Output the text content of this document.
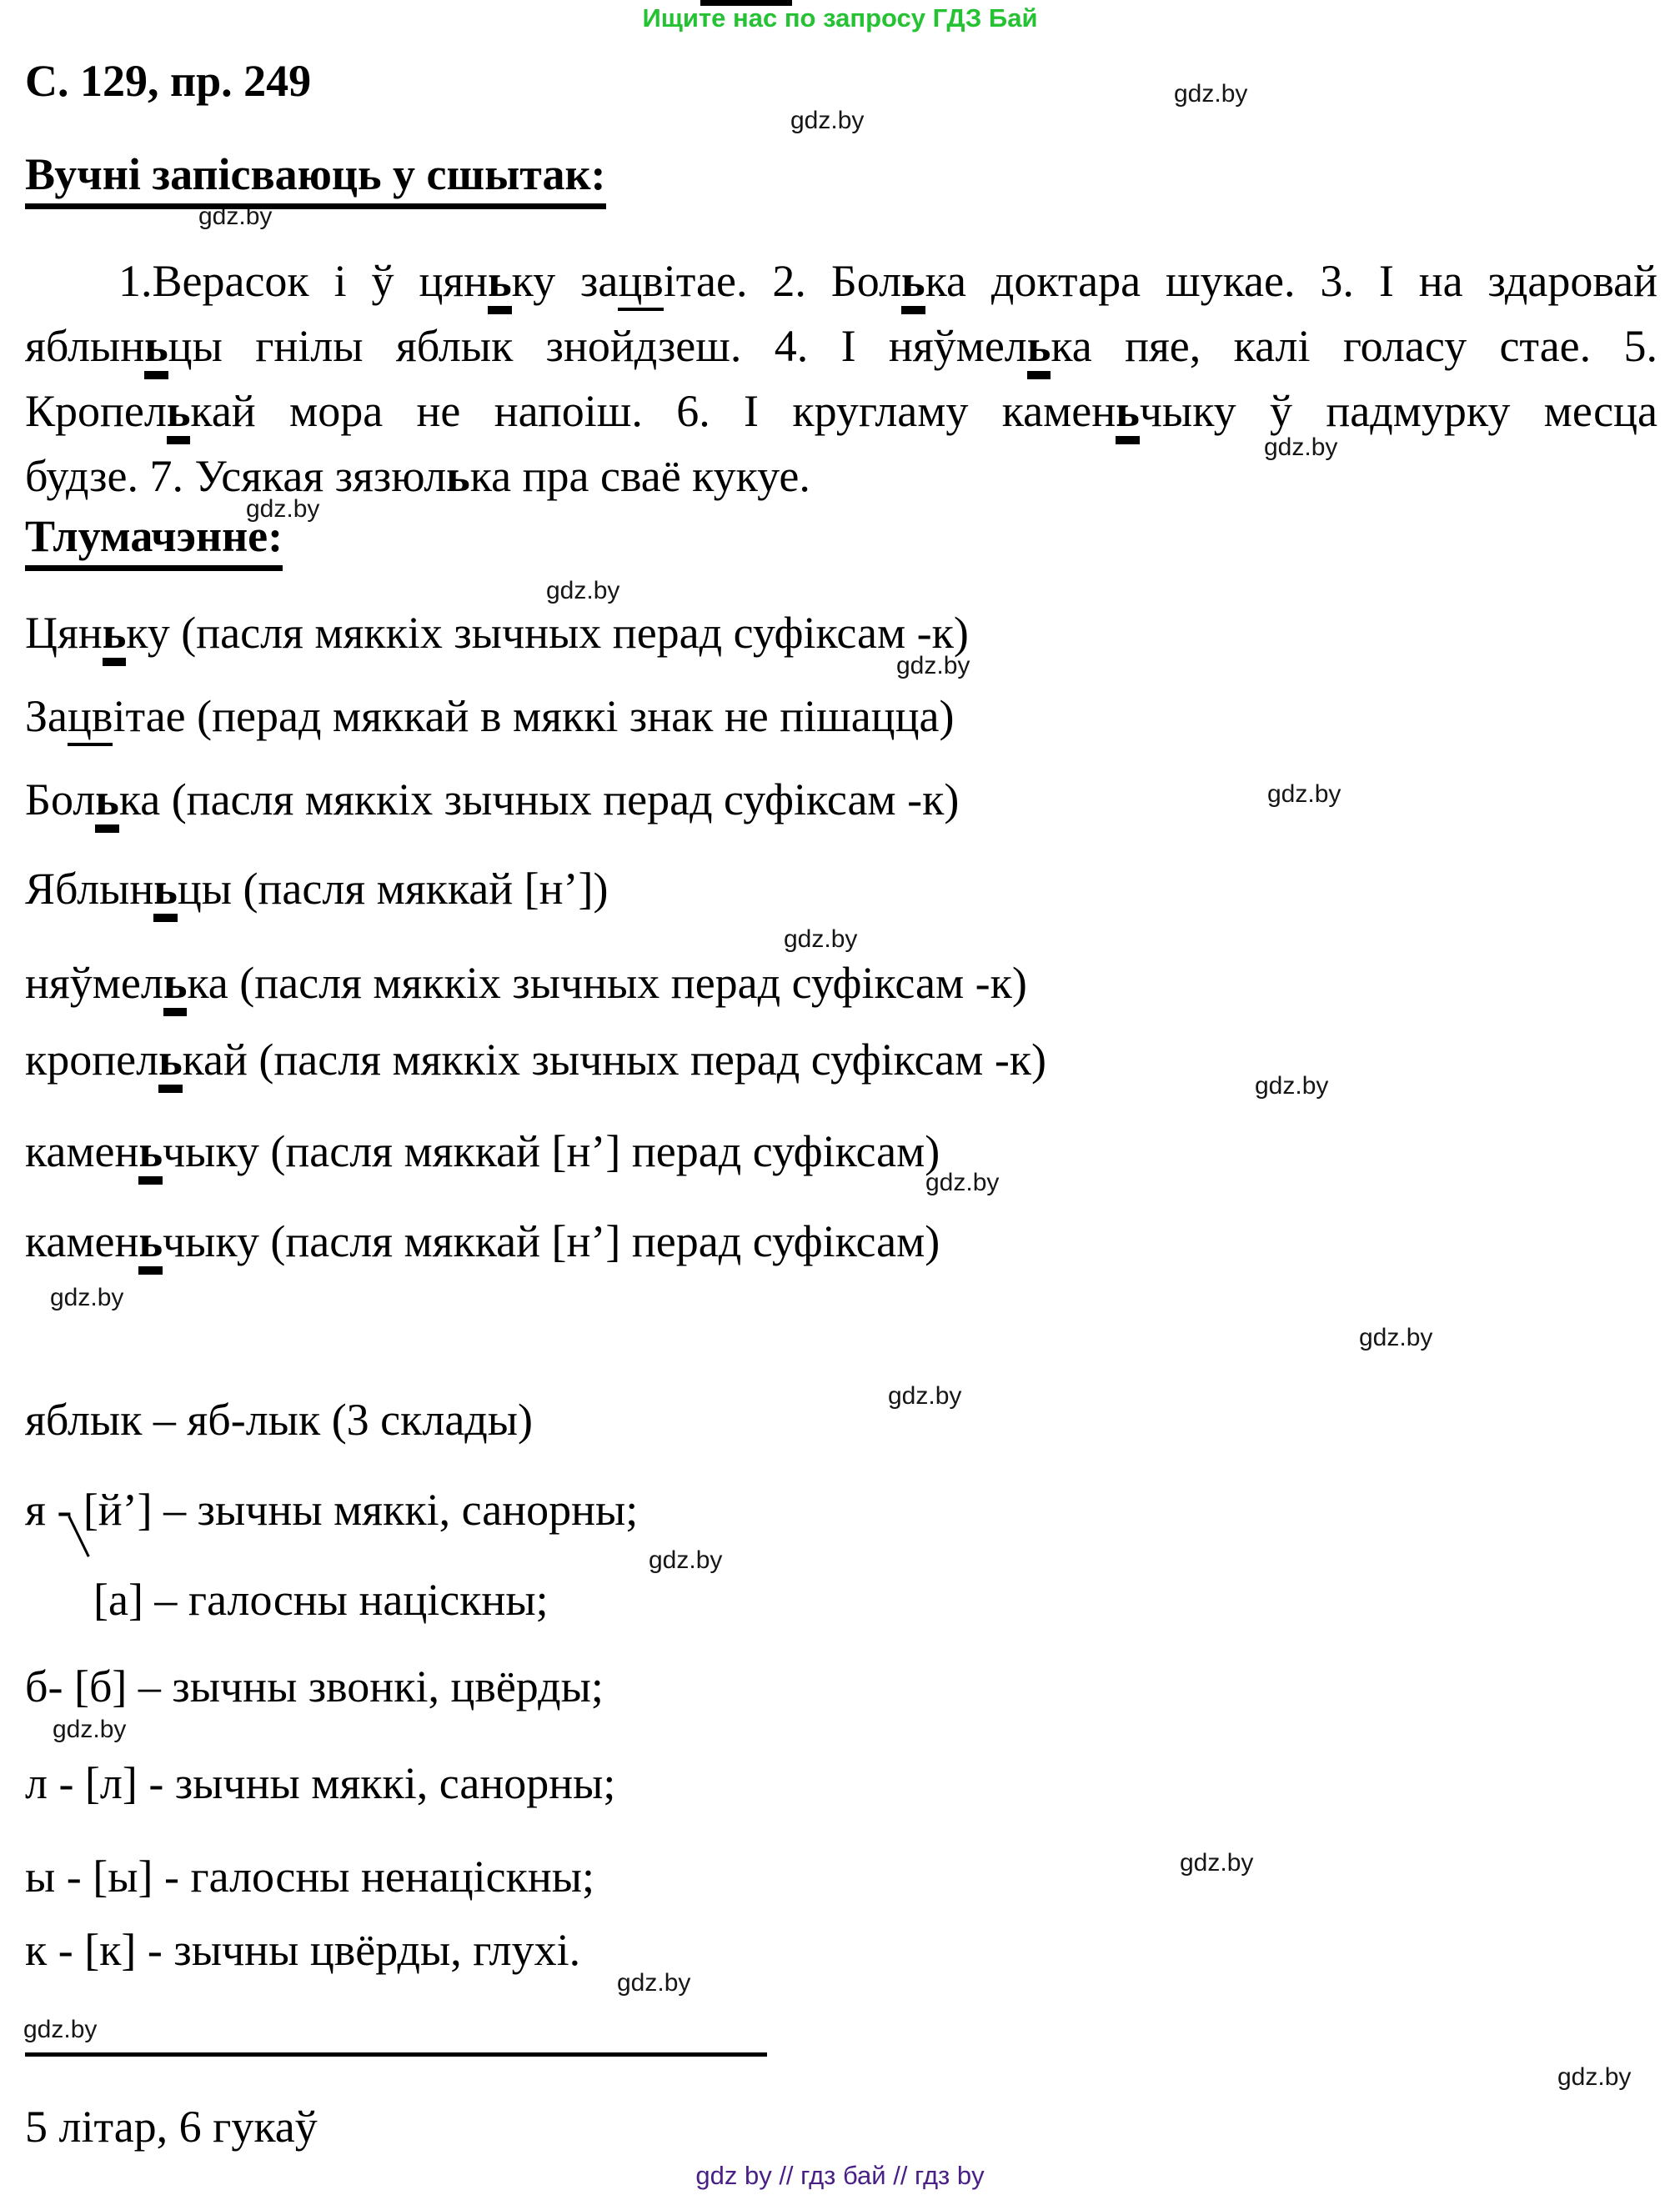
Ищите нас по запросу ГДЗ Бай
gdz.by
gdz.by
gdz.by
gdz.by
gdz.by
gdz.by
gdz.by
gdz.by
gdz.by
gdz.by
gdz.by
gdz.by
gdz.by
gdz.by
gdz.by
gdz.by
gdz.by
gdz.by
gdz.by
gdz.by
С. 129, пр. 249
Вучні запісваюць у сшытак:
1.Верасок і ў цяньку зацвітае. 2. Болька доктара шукае. 3. І на здаровай
яблыньцы гнілы яблык знойдзеш. 4. І няўмелька пяе, калі голасу стае. 5.
Кропелькай мора не напоіш. 6. І кругламу каменьчыку ў падмурку месца
будзе. 7. Усякая зязюлька пра сваё кукуе.
Тлумачэнне:
Цяньку (пасля мяккіх зычных перад суфіксам -к)
Зацвітае (перад мяккай в мяккі знак не пішацца)
Болька (пасля мяккіх зычных перад суфіксам -к)
Яблыньцы (пасля мяккай [н’])
няўмелька (пасля мяккіх зычных перад суфіксам -к)
кропелькай (пасля мяккіх зычных перад суфіксам -к)
каменьчыку (пасля мяккай [н’] перад суфіксам)
каменьчыку (пасля мяккай [н’] перад суфіксам)
яблык – яб-лык (3 склады)
я - [й’] – зычны мяккі, санорны;
[а] – галосны націскны;
б- [б] – зычны звонкі, цвёрды;
л - [л] - зычны мяккі, санорны;
ы - [ы] - галосны ненаціскны;
к - [к] - зычны цвёрды, глухі.
5 літар, 6 гукаў
gdz by // гдз бай // гдз by
